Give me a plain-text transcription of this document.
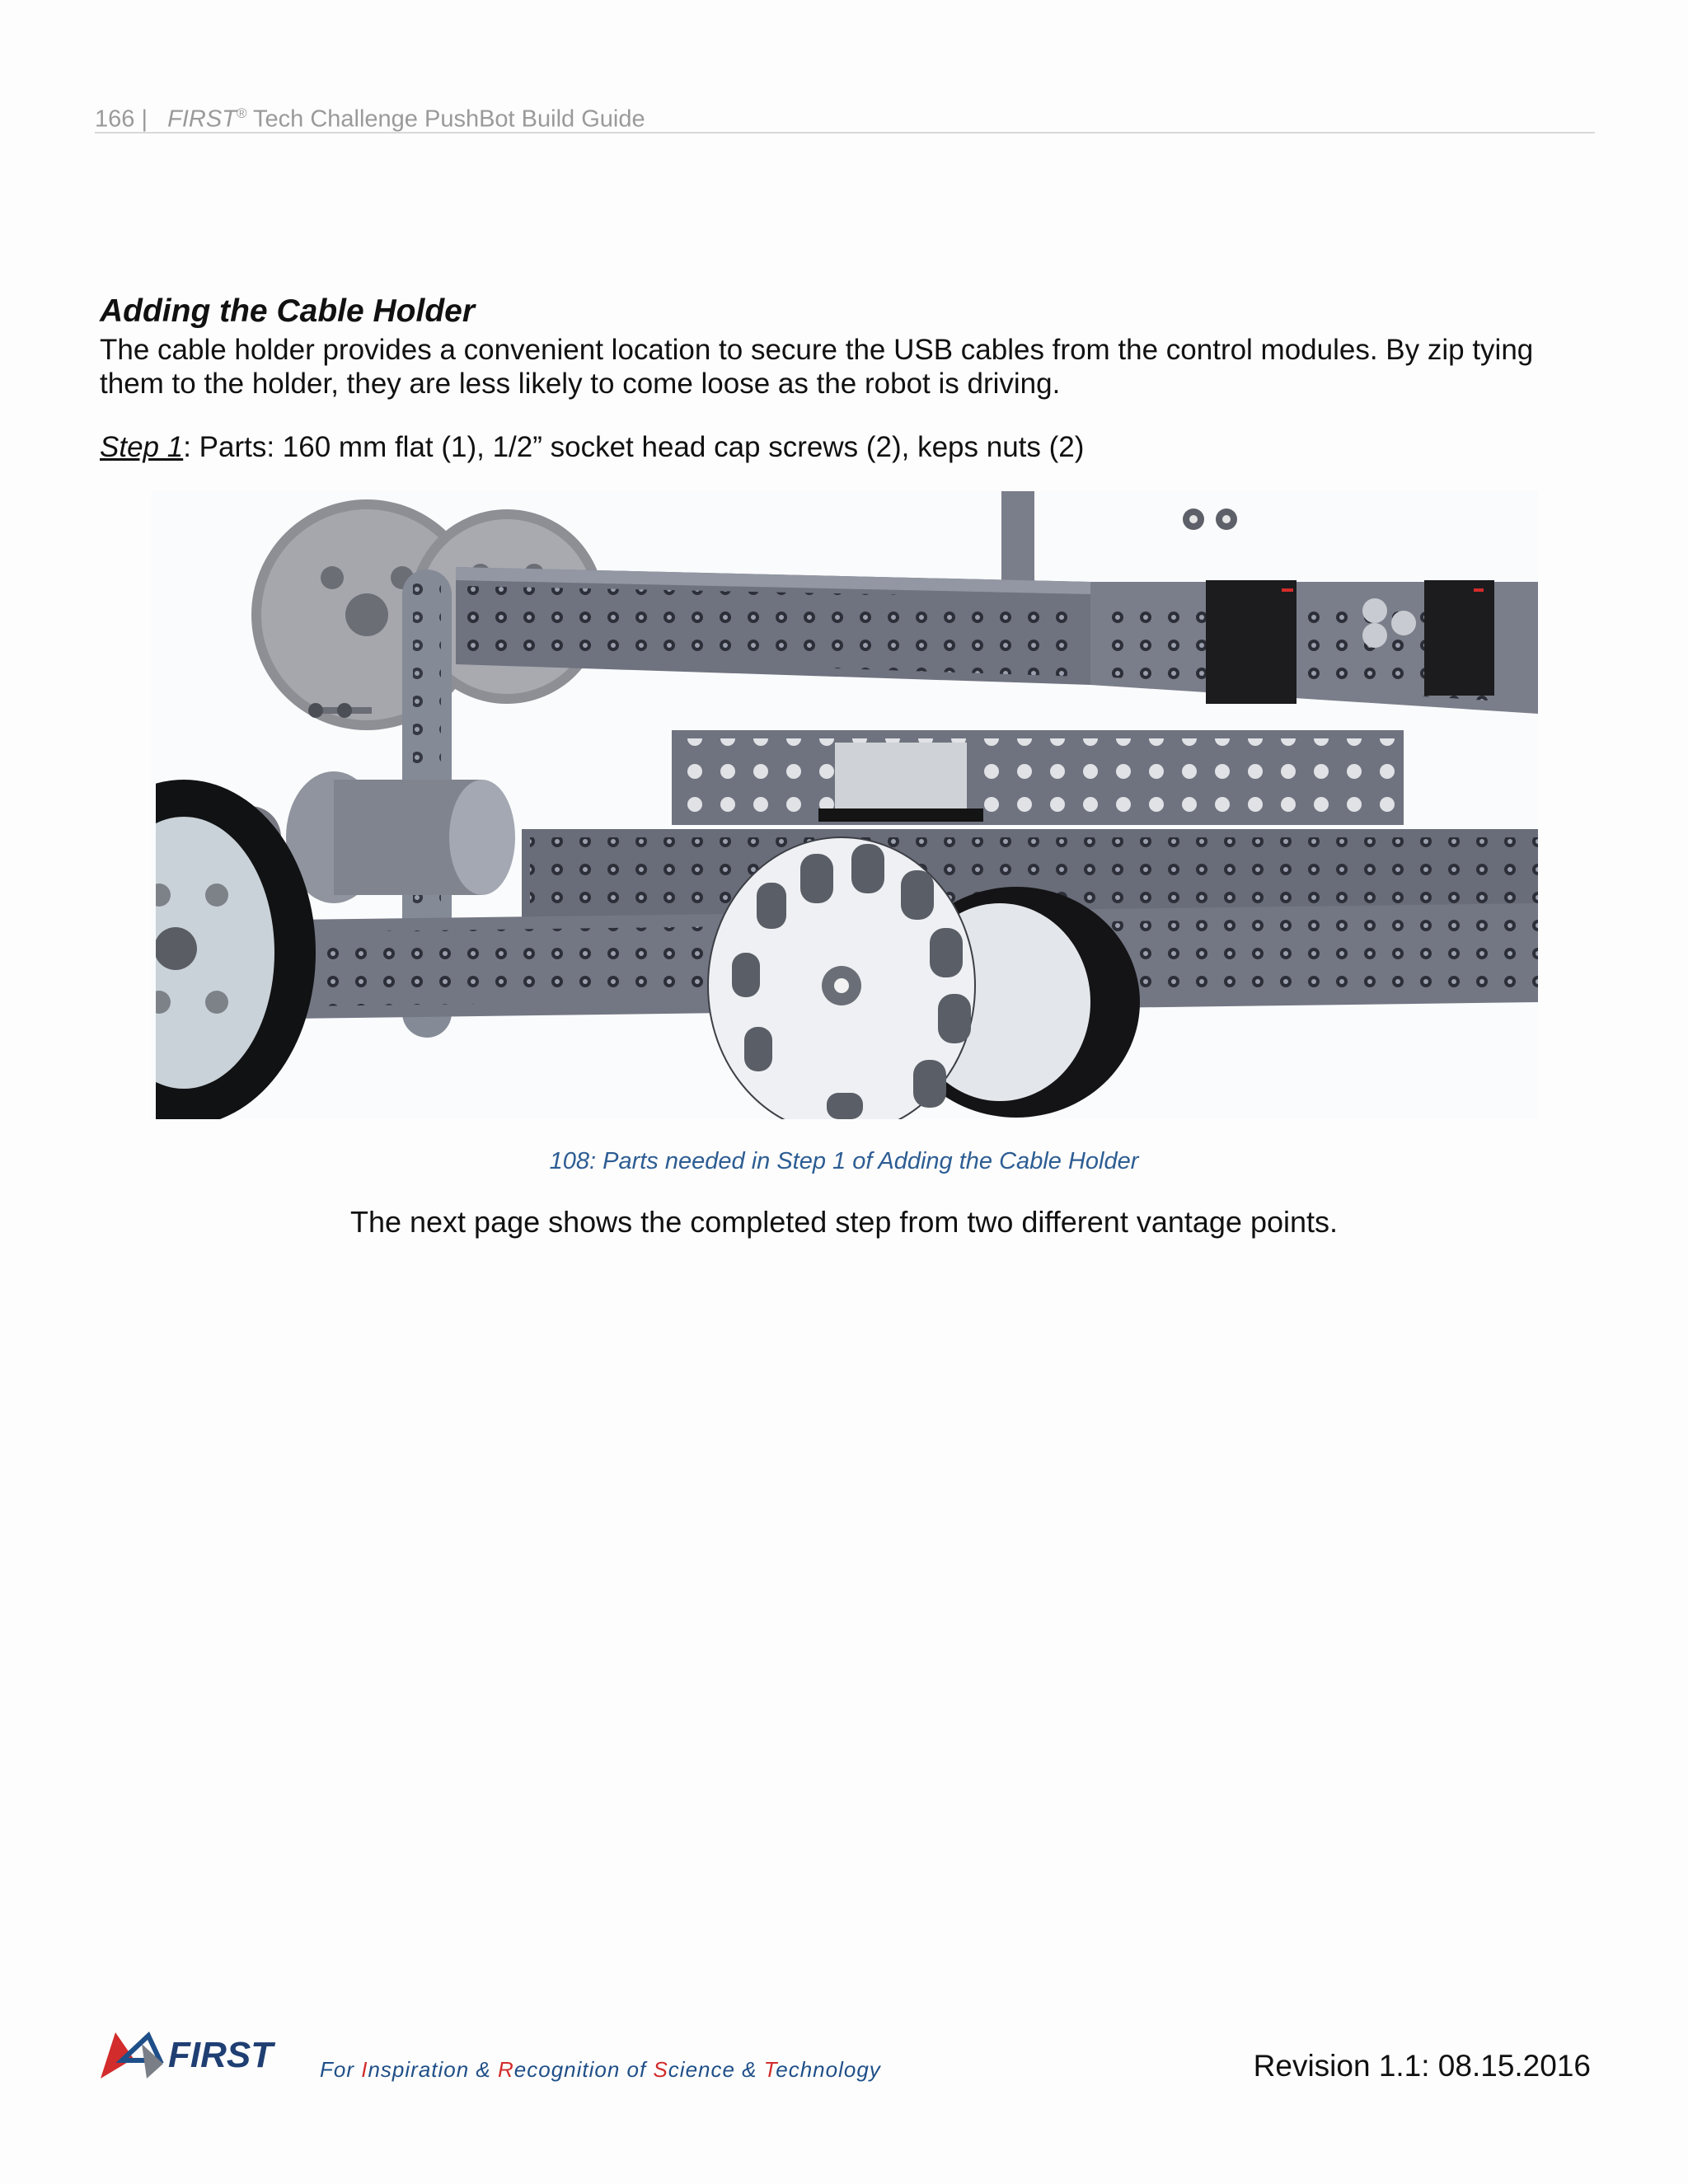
166 | FIRST® Tech Challenge PushBot Build Guide
Adding the Cable Holder

The cable holder provides a convenient location to secure the USB cables from the control modules. By zip tying them to the holder, they are less likely to come loose as the robot is driving.

Step 1: Parts: 160 mm flat (1), 1/2” socket head cap screws (2), keps nuts (2)
108: Parts needed in Step 1 of Adding the Cable Holder
The next page shows the completed step from two different vantage points.
FIRST For Inspiration & Recognition of Science & Technology	Revision 1.1: 08.15.2016
